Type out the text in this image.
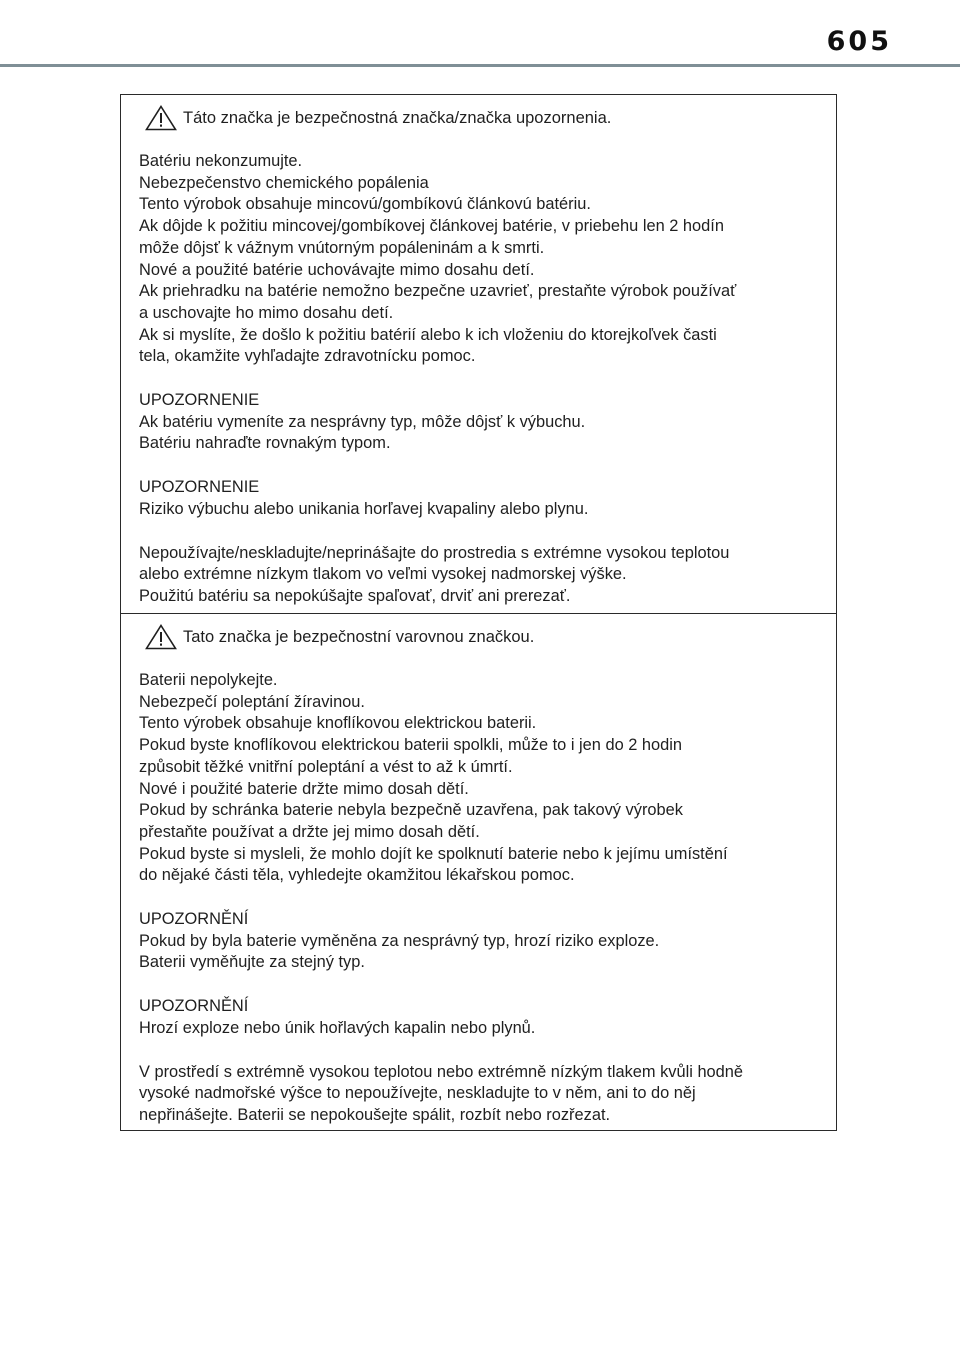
605
Táto značka je bezpečnostná značka/značka upozornenia.
Batériu nekonzumujte.
Nebezpečenstvo chemického popálenia
Tento výrobok obsahuje mincovú/gombíkovú článkovú batériu.
Ak dôjde k požitiu mincovej/gombíkovej článkovej batérie, v priebehu len 2 hodín
môže dôjsť k vážnym vnútorným popáleninám a k smrti.
Nové a použité batérie uchovávajte mimo dosahu detí.
Ak priehradku na batérie nemožno bezpečne uzavrieť, prestaňte výrobok používať
a uschovajte ho mimo dosahu detí.
Ak si myslíte, že došlo k požitiu batérií alebo k ich vloženiu do ktorejkoľvek časti
tela, okamžite vyhľadajte zdravotnícku pomoc.
UPOZORNENIE
Ak batériu vymeníte za nesprávny typ, môže dôjsť k výbuchu.
Batériu nahraďte rovnakým typom.
UPOZORNENIE
Riziko výbuchu alebo unikania horľavej kvapaliny alebo plynu.
Nepoužívajte/neskladujte/neprinášajte do prostredia s extrémne vysokou teplotou
alebo extrémne nízkym tlakom vo veľmi vysokej nadmorskej výške.
Použitú batériu sa nepokúšajte spaľovať, drviť ani prerezať.
Tato značka je bezpečnostní varovnou značkou.
Baterii nepolykejte.
Nebezpečí poleptání žíravinou.
Tento výrobek obsahuje knoflíkovou elektrickou baterii.
Pokud byste knoflíkovou elektrickou baterii spolkli, může to i jen do 2 hodin
způsobit těžké vnitřní poleptání a vést to až k úmrtí.
Nové i použité baterie držte mimo dosah dětí.
Pokud by schránka baterie nebyla bezpečně uzavřena, pak takový výrobek
přestaňte používat a držte jej mimo dosah dětí.
Pokud byste si mysleli, že mohlo dojít ke spolknutí baterie nebo k jejímu umístění
do nějaké části těla, vyhledejte okamžitou lékařskou pomoc.
UPOZORNĚNÍ
Pokud by byla baterie vyměněna za nesprávný typ, hrozí riziko exploze.
Baterii vyměňujte za stejný typ.
UPOZORNĚNÍ
Hrozí exploze nebo únik hořlavých kapalin nebo plynů.
V prostředí s extrémně vysokou teplotou nebo extrémně nízkým tlakem kvůli hodně
vysoké nadmořské výšce to nepoužívejte, neskladujte to v něm, ani to do něj
nepřinášejte. Baterii se nepokoušejte spálit, rozbít nebo rozřezat.
